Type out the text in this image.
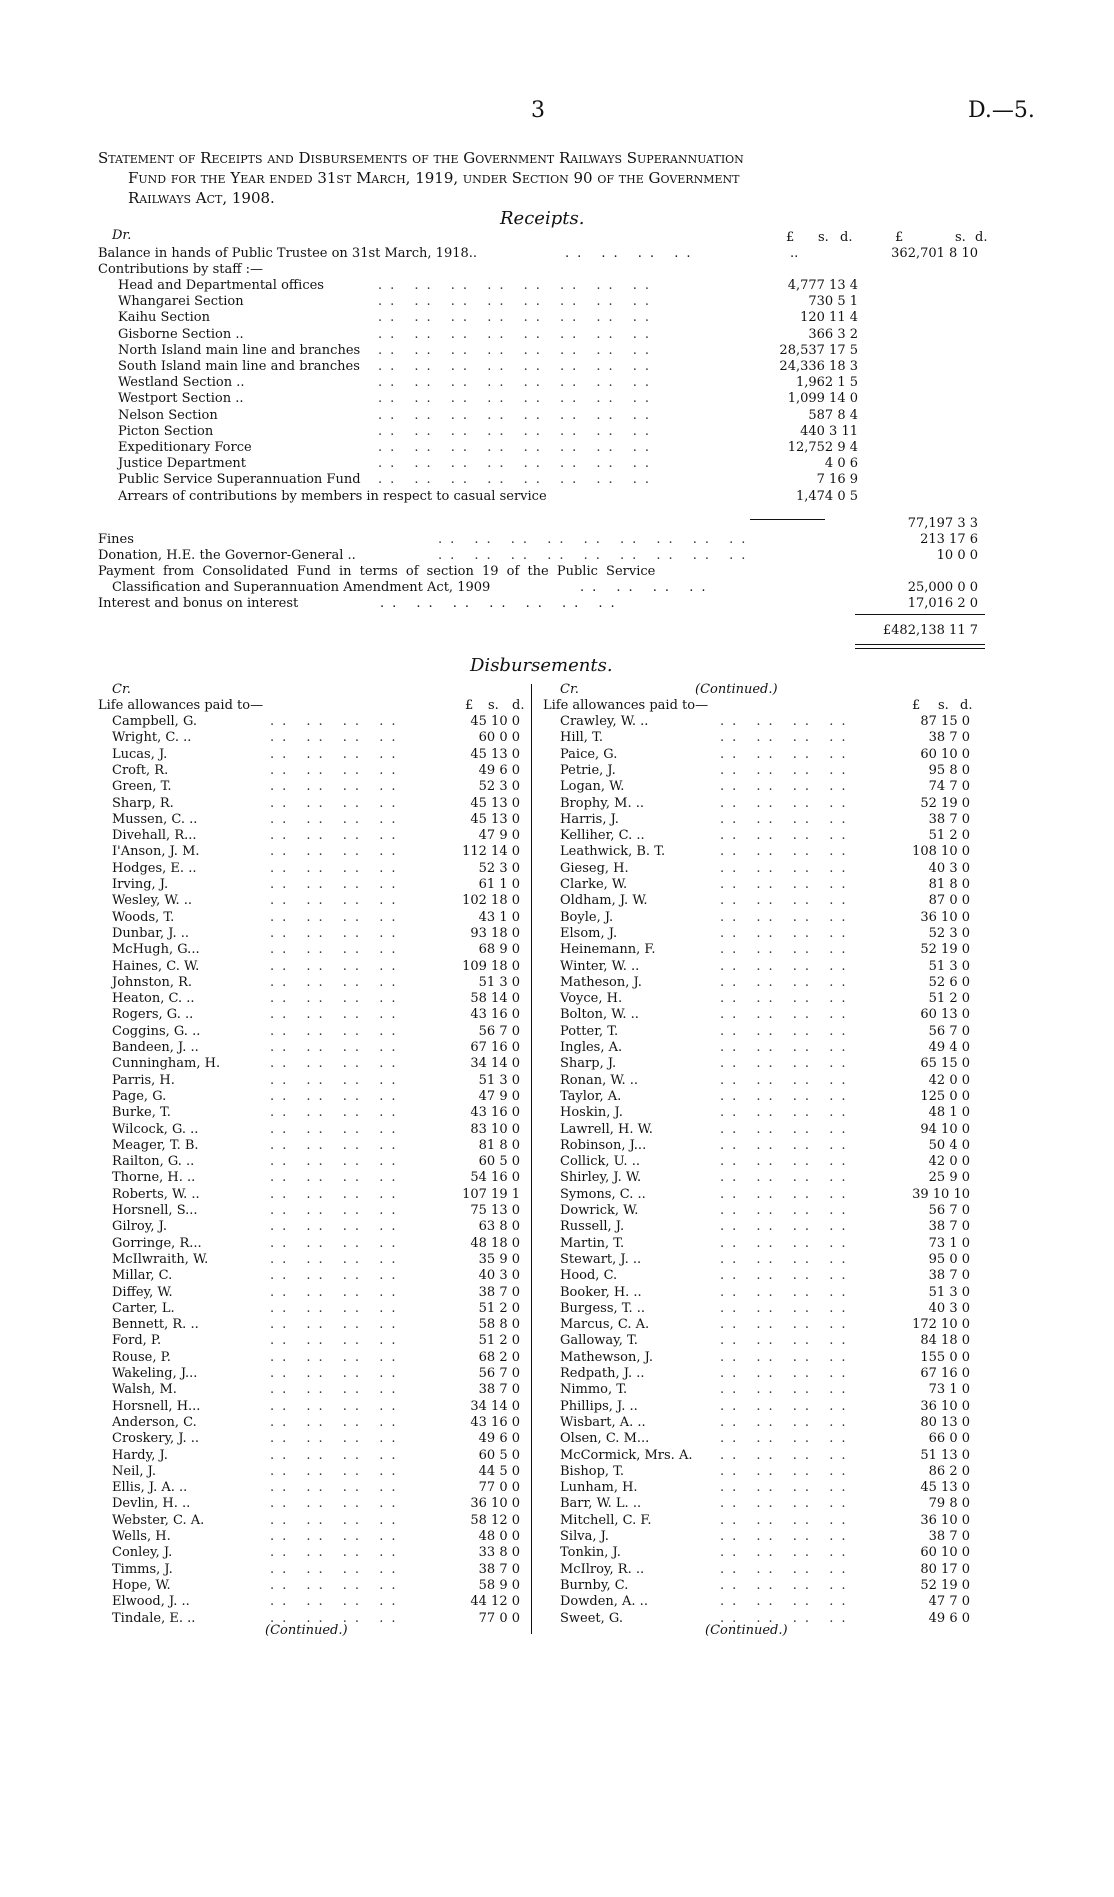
3	D.—5.
Statement of Receipts and Disbursements of the Government Railways Superannuation
Fund for the Year ended 31st March, 1919, under Section 90 of the Government
Railways Act, 1908.
Receipts.
Dr.	£ s. d.	£	s. d.
Balance in hands of Public Trustee on 31st March, 1918..	.. .. .. ..	..	362,701 8 10
Contributions by staff :—
.. .. .. .. .. .. .. ..
Head and Departmental offices	4,777 13 4
.. .. .. .. .. .. .. ..
Whangarei Section	730 5 1
.. .. .. .. .. .. .. ..
Kaihu Section	120 11 4
.. .. .. .. .. .. .. ..
Gisborne Section ..	366 3 2
.. .. .. .. .. .. .. ..
North Island main line and branches	28,537 17 5
.. .. .. .. .. .. .. ..
South Island main line and branches	24,336 18 3
.. .. .. .. .. .. .. ..
Westland Section ..	1,962 1 5
.. .. .. .. .. .. .. ..
Westport Section ..	1,099 14 0
.. .. .. .. .. .. .. ..
Nelson Section	587 8 4
.. .. .. .. .. .. .. ..
Picton Section	440 3 11
.. .. .. .. .. .. .. ..
Expeditionary Force	12,752 9 4
.. .. .. .. .. .. .. ..
Justice Department	4 0 6
.. .. .. .. .. .. .. ..
Public Service Superannuation Fund	7 16 9
Arrears of contributions by members in respect to casual service	1,474 0 5
77,197 3 3
Fines	.. .. .. .. .. .. .. .. ..	213 17 6
Donation, H.E. the Governor-General ..	.. .. .. .. .. .. .. .. ..	10 0 0
Payment from Consolidated Fund in terms of section 19 of the Public Service
Classification and Superannuation Amendment Act, 1909	.. .. .. ..	25,000 0 0
Interest and bonus on interest	.. .. .. .. .. .. ..	17,016 2 0
£482,138 11 7
Disbursements.
Cr.	Cr.	(Continued.)
Life allowances paid to—	Life allowances paid to—
£ s. d.	£ s. d.
Campbell, G.	.. .. .. ..	45 10 0
Wright, C. ..	.. .. .. ..	60 0 0
Lucas, J.	.. .. .. ..	45 13 0
Croft, R.	.. .. .. ..	49 6 0
Green, T.	.. .. .. ..	52 3 0
Sharp, R.	.. .. .. ..	45 13 0
Mussen, C. ..	.. .. .. ..	45 13 0
Divehall, R...	.. .. .. ..	47 9 0
I'Anson, J. M.	.. .. .. ..	112 14 0
Hodges, E. ..	.. .. .. ..	52 3 0
Irving, J.	.. .. .. ..	61 1 0
Wesley, W. ..	.. .. .. ..	102 18 0
Woods, T.	.. .. .. ..	43 1 0
Dunbar, J. ..	.. .. .. ..	93 18 0
McHugh, G...	.. .. .. ..	68 9 0
Haines, C. W.	.. .. .. ..	109 18 0
Johnston, R.	.. .. .. ..	51 3 0
Heaton, C. ..	.. .. .. ..	58 14 0
Rogers, G. ..	.. .. .. ..	43 16 0
Coggins, G. ..	.. .. .. ..	56 7 0
Bandeen, J. ..	.. .. .. ..	67 16 0
Cunningham, H.	.. .. .. ..	34 14 0
Parris, H.	.. .. .. ..	51 3 0
Page, G.	.. .. .. ..	47 9 0
Burke, T.	.. .. .. ..	43 16 0
Wilcock, G. ..	.. .. .. ..	83 10 0
Meager, T. B.	.. .. .. ..	81 8 0
Railton, G. ..	.. .. .. ..	60 5 0
Thorne, H. ..	.. .. .. ..	54 16 0
Roberts, W. ..	.. .. .. ..	107 19 1
Horsnell, S...	.. .. .. ..	75 13 0
Gilroy, J.	.. .. .. ..	63 8 0
Gorringe, R...	.. .. .. ..	48 18 0
McIlwraith, W.	.. .. .. ..	35 9 0
Millar, C.	.. .. .. ..	40 3 0
Diffey, W.	.. .. .. ..	38 7 0
Carter, L.	.. .. .. ..	51 2 0
Bennett, R. ..	.. .. .. ..	58 8 0
Ford, P.	.. .. .. ..	51 2 0
Rouse, P.	.. .. .. ..	68 2 0
Wakeling, J...	.. .. .. ..	56 7 0
Walsh, M.	.. .. .. ..	38 7 0
Horsnell, H...	.. .. .. ..	34 14 0
Anderson, C.	.. .. .. ..	43 16 0
Croskery, J. ..	.. .. .. ..	49 6 0
Hardy, J.	.. .. .. ..	60 5 0
Neil, J.	.. .. .. ..	44 5 0
Ellis, J. A. ..	.. .. .. ..	77 0 0
Devlin, H. ..	.. .. .. ..	36 10 0
Webster, C. A.	.. .. .. ..	58 12 0
Wells, H.	.. .. .. ..	48 0 0
Conley, J.	.. .. .. ..	33 8 0
Timms, J.	.. .. .. ..	38 7 0
Hope, W.	.. .. .. ..	58 9 0
Elwood, J. ..	.. .. .. ..	44 12 0
Tindale, E. ..	.. .. .. ..	77 0 0
Crawley, W. ..	.. .. .. ..	87 15 0
Hill, T.	.. .. .. ..	38 7 0
Paice, G.	.. .. .. ..	60 10 0
Petrie, J.	.. .. .. ..	95 8 0
Logan, W.	.. .. .. ..	74 7 0
Brophy, M. ..	.. .. .. ..	52 19 0
Harris, J.	.. .. .. ..	38 7 0
Kelliher, C. ..	.. .. .. ..	51 2 0
Leathwick, B. T.	.. .. .. ..	108 10 0
Gieseg, H.	.. .. .. ..	40 3 0
Clarke, W.	.. .. .. ..	81 8 0
Oldham, J. W.	.. .. .. ..	87 0 0
Boyle, J.	.. .. .. ..	36 10 0
Elsom, J.	.. .. .. ..	52 3 0
Heinemann, F.	.. .. .. ..	52 19 0
Winter, W. ..	.. .. .. ..	51 3 0
Matheson, J.	.. .. .. ..	52 6 0
Voyce, H.	.. .. .. ..	51 2 0
Bolton, W. ..	.. .. .. ..	60 13 0
Potter, T.	.. .. .. ..	56 7 0
Ingles, A.	.. .. .. ..	49 4 0
Sharp, J.	.. .. .. ..	65 15 0
Ronan, W. ..	.. .. .. ..	42 0 0
Taylor, A.	.. .. .. ..	125 0 0
Hoskin, J.	.. .. .. ..	48 1 0
Lawrell, H. W.	.. .. .. ..	94 10 0
Robinson, J...	.. .. .. ..	50 4 0
Collick, U. ..	.. .. .. ..	42 0 0
Shirley, J. W.	.. .. .. ..	25 9 0
Symons, C. ..	.. .. .. ..	39 10 10
Dowrick, W.	.. .. .. ..	56 7 0
Russell, J.	.. .. .. ..	38 7 0
Martin, T.	.. .. .. ..	73 1 0
Stewart, J. ..	.. .. .. ..	95 0 0
Hood, C.	.. .. .. ..	38 7 0
Booker, H. ..	.. .. .. ..	51 3 0
Burgess, T. ..	.. .. .. ..	40 3 0
Marcus, C. A.	.. .. .. ..	172 10 0
Galloway, T.	.. .. .. ..	84 18 0
Mathewson, J.	.. .. .. ..	155 0 0
Redpath, J. ..	.. .. .. ..	67 16 0
Nimmo, T.	.. .. .. ..	73 1 0
Phillips, J. ..	.. .. .. ..	36 10 0
Wisbart, A. ..	.. .. .. ..	80 13 0
Olsen, C. M...	.. .. .. ..	66 0 0
McCormick, Mrs. A. .. .. .. ..	51 13 0
Bishop, T.	.. .. .. ..	86 2 0
Lunham, H.	.. .. .. ..	45 13 0
Barr, W. L. ..	.. .. .. ..	79 8 0
Mitchell, C. F.	.. .. .. ..	36 10 0
Silva, J.	.. .. .. ..	38 7 0
Tonkin, J.	.. .. .. ..	60 10 0
McIlroy, R. ..	.. .. .. ..	80 17 0
Burnby, C.	.. .. .. ..	52 19 0
Dowden, A. ..	.. .. .. ..	47 7 0
Sweet, G.	.. .. .. ..	49 6 0
(Continued.)	(Continued.)
